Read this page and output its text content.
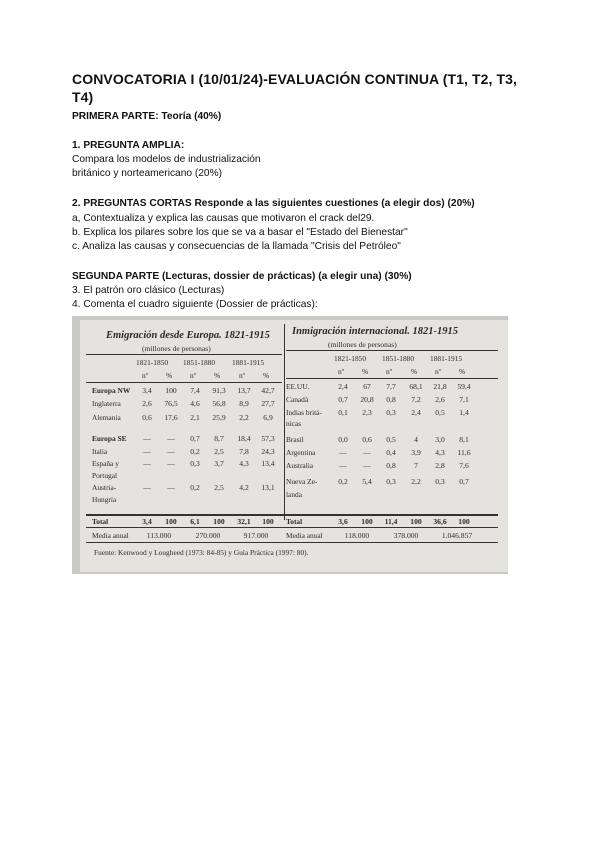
CONVOCATORIA I (10/01/24)-EVALUACIÓN CONTINUA (T1, T2, T3, T4)
PRIMERA PARTE: Teoría (40%)
1. PREGUNTA AMPLIA:
Compara los modelos de industrialización
británico y norteamericano (20%)
2. PREGUNTAS CORTAS Responde a las siguientes cuestiones (a elegir dos) (20%)
a, Contextualiza y explica las causas que motivaron el crack del29.
b. Explica los pilares sobre los que se va a basar el "Estado del Bienestar"
c. Analiza las causas y consecuencias de la llamada "Crisis del Petróleo"
SEGUNDA PARTE (Lecturas, dossier de prácticas) (a elegir una) (30%)
3. El patrón oro clásico (Lecturas)
4. Comenta el cuadro siguiente (Dossier de prácticas):
Emigración desde Europa. 1821-1915
(millones de personas)
Inmigración internacional. 1821-1915
(millones de personas)
1821-1850 1851-1880 1881-1915	1821-1850 1851-1880 1881-1915
nº % nº %	nº %	nº % nº	% nº %
Europa NW	3,4	100	7,4	91,3	13,7	42,7
Inglaterra	2,6	76,5	4,6	56,8	8,9	27,7
Alemania	0,6	17,6	2,1	25,9	2,2	6,9
Europa SE	—	—	0,7	8,7	18,4	57,3
Italia	—	—	0,2	2,5	7,8	24,3
España y	—	—	0,3	3,7	4,3	13,4
Portugal
Austria-	—	—	0,2	2,5	4,2	13,1
Hungría
EE.UU.	2,4	67	7,7	68,1	21,8	59,4
Canadá	0,7	20,8	0,8	7,2	2,6	7,1
Indias britá-	0,1	2,3	0,3	2,4	0,5	1,4
nicas
Brasil	0,0	0,6	0,5	4	3,0	8,1
Argentina	—	—	0,4	3,9	4,3	11,6
Australia	—	—	0,8	7	2,8	7,6
Nueva Ze-	0,2	5,4	0,3	2,2	0,3	0,7
landa
Total	3,4	100	6,1	100	32,1	100	Total	3,6	100	11,4	100	36,6	100
Media anual	113.000	270.000	917.000	Media anual	118.000	378.000	1.046.857
Fuente: Kenwood y Lougheed (1973: 84-85) y Guía Práctica (1997: 80).
